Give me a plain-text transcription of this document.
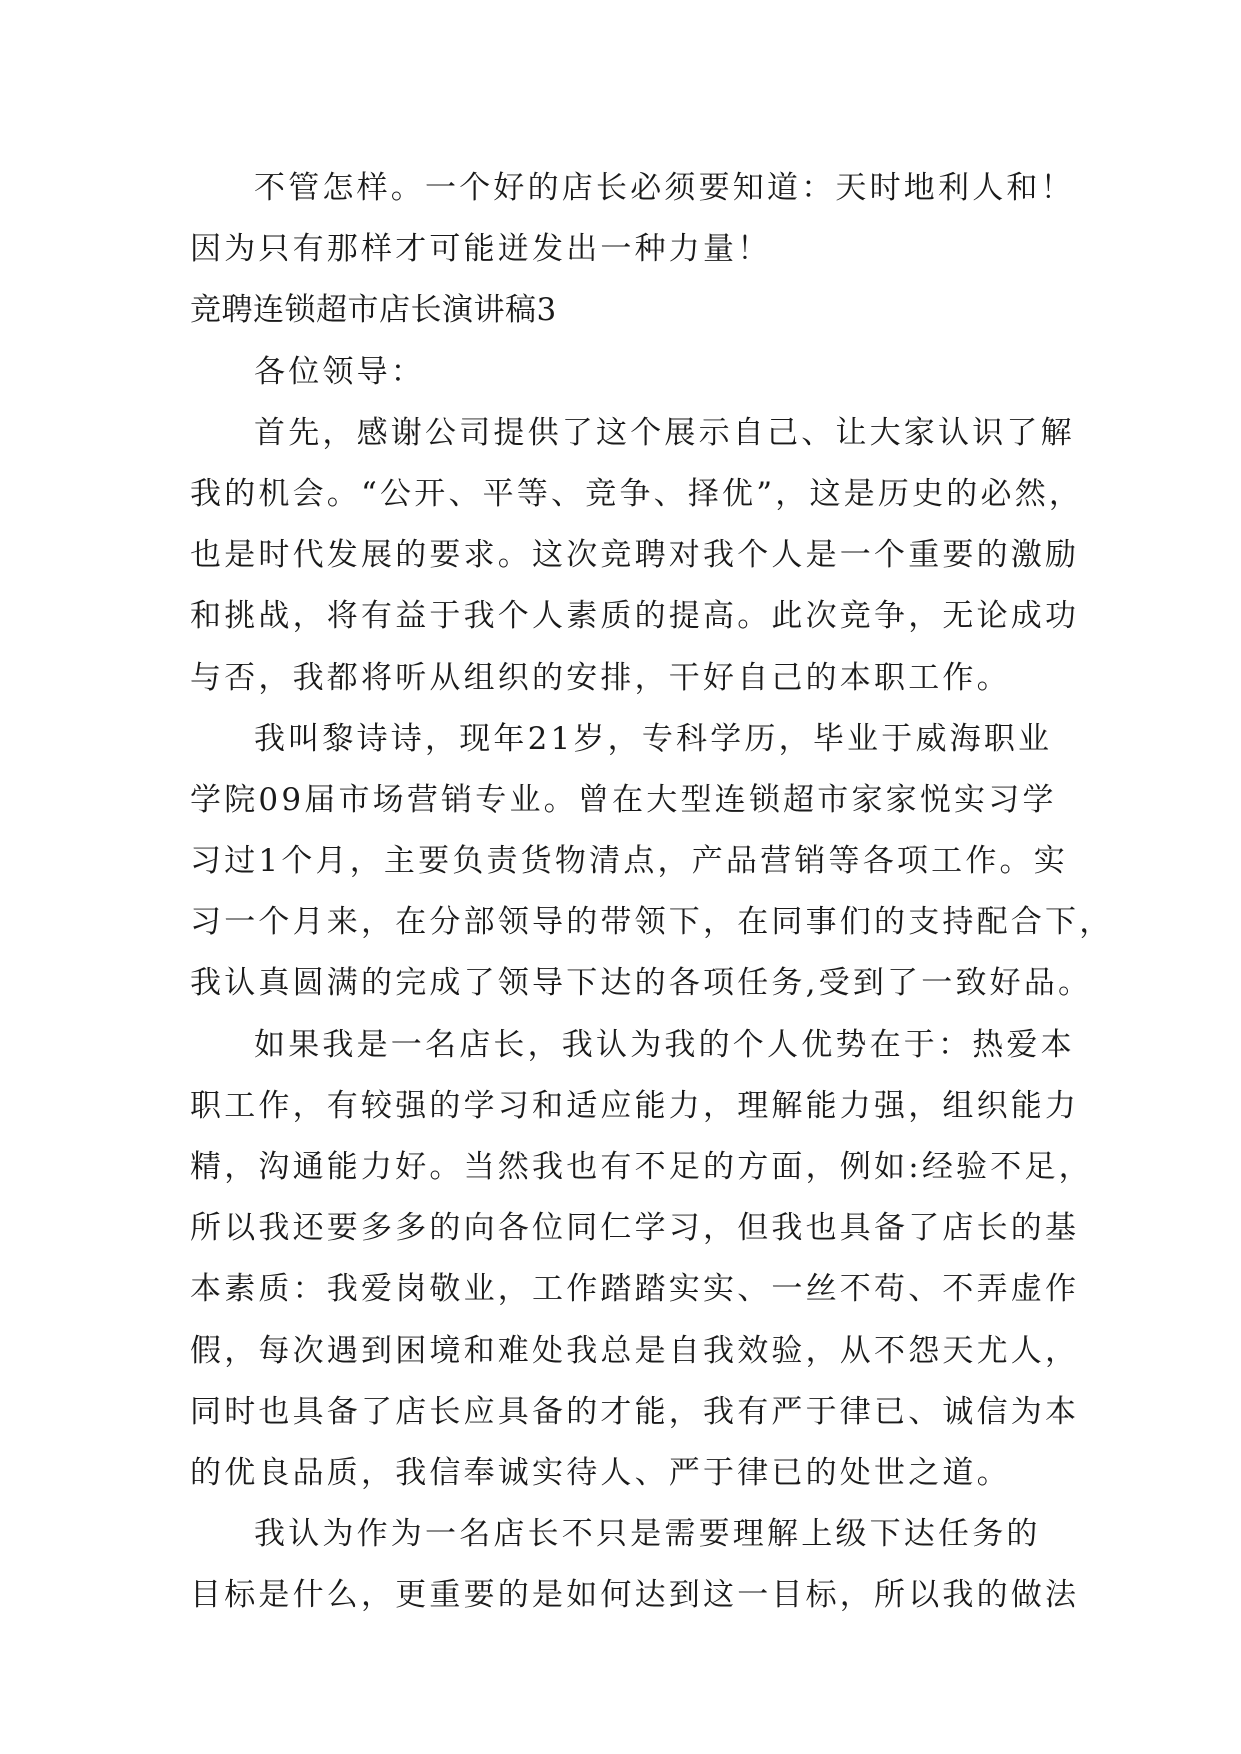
不管怎样。一个好的店长必须要知道：天时地利人和！

因为只有那样才可能迸发出一种力量！

竞聘连锁超市店长演讲稿3

各位领导：

首先，感谢公司提供了这个展示自己、让大家认识了解

我的机会。“公开、平等、竞争、择优”，这是历史的必然，

也是时代发展的要求。这次竞聘对我个人是一个重要的激励

和挑战，将有益于我个人素质的提高。此次竞争，无论成功

与否，我都将听从组织的安排，干好自己的本职工作。

我叫黎诗诗，现年21岁，专科学历，毕业于威海职业

学院09届市场营销专业。曾在大型连锁超市家家悦实习学

习过1个月，主要负责货物清点，产品营销等各项工作。实

习一个月来，在分部领导的带领下，在同事们的支持配合下，

我认真圆满的完成了领导下达的各项任务,受到了一致好品。

如果我是一名店长，我认为我的个人优势在于：热爱本

职工作，有较强的学习和适应能力，理解能力强，组织能力

精，沟通能力好。当然我也有不足的方面，例如:经验不足，

所以我还要多多的向各位同仁学习，但我也具备了店长的基

本素质：我爱岗敬业，工作踏踏实实、一丝不苟、不弄虚作

假，每次遇到困境和难处我总是自我效验，从不怨天尤人，

同时也具备了店长应具备的才能，我有严于律已、诚信为本

的优良品质，我信奉诚实待人、严于律已的处世之道。

我认为作为一名店长不只是需要理解上级下达任务的

目标是什么，更重要的是如何达到这一目标，所以我的做法
